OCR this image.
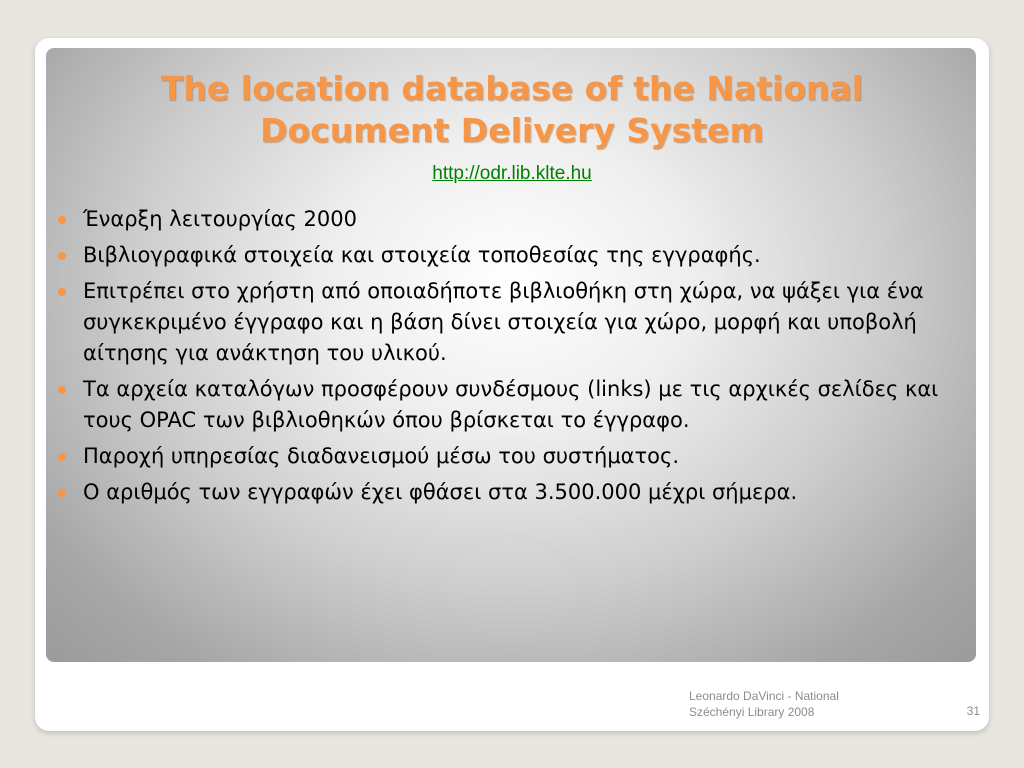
The location database of the National
Document Delivery System
http://odr.lib.klte.hu
Έναρξη λειτουργίας 2000
Βιβλιογραφικά στοιχεία και στοιχεία τοποθεσίας της εγγραφής.
Επιτρέπει στο χρήστη από οποιαδήποτε βιβλιοθήκη στη χώρα, να ψάξει για ένα συγκεκριμένο έγγραφο και η βάση δίνει στοιχεία για χώρο, μορφή και υποβολή αίτησης για ανάκτηση του υλικού.
Τα αρχεία καταλόγων προσφέρουν συνδέσμους (links) με τις αρχικές σελίδες και τους OPAC των βιβλιοθηκών όπου βρίσκεται το έγγραφο.
Παροχή υπηρεσίας διαδανεισμού μέσω του συστήματος.
Ο αριθμός των εγγραφών έχει φθάσει στα 3.500.000 μέχρι σήμερα.
Leonardo DaVinci - National
Széchényi Library 2008	31
